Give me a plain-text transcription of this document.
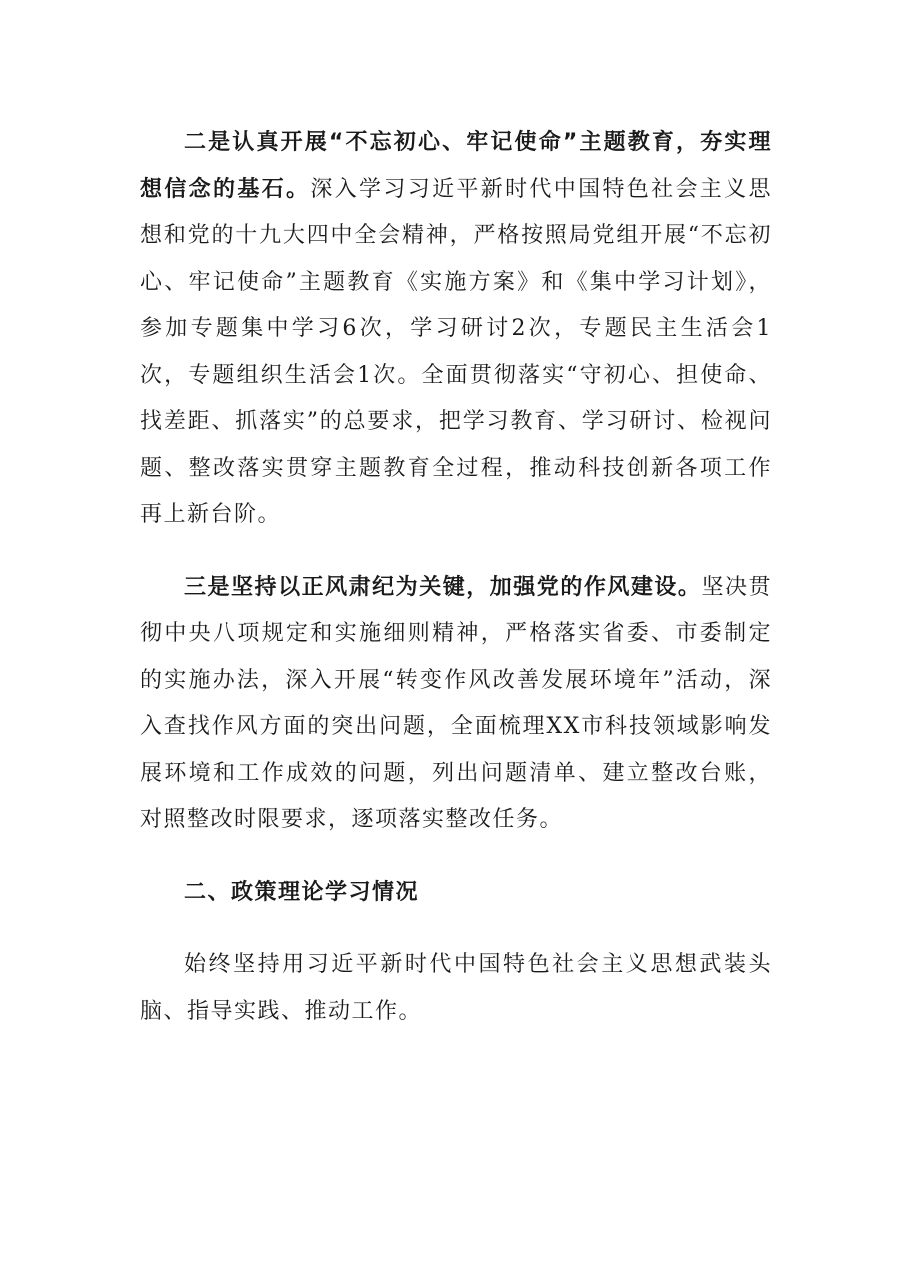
二是认真开展“不忘初心、牢记使命”主题教育，夯实理想信念的基石。深入学习习近平新时代中国特色社会主义思想和党的十九大四中全会精神，严格按照局党组开展“不忘初心、牢记使命”主题教育《实施方案》和《集中学习计划》，参加专题集中学习6次，学习研讨2次，专题民主生活会1次，专题组织生活会1次。全面贯彻落实“守初心、担使命、找差距、抓落实”的总要求，把学习教育、学习研讨、检视问题、整改落实贯穿主题教育全过程，推动科技创新各项工作再上新台阶。

三是坚持以正风肃纪为关键，加强党的作风建设。坚决贯彻中央八项规定和实施细则精神，严格落实省委、市委制定的实施办法，深入开展“转变作风改善发展环境年”活动，深入查找作风方面的突出问题，全面梳理XX市科技领域影响发展环境和工作成效的问题，列出问题清单、建立整改台账，对照整改时限要求，逐项落实整改任务。

二、政策理论学习情况

始终坚持用习近平新时代中国特色社会主义思想武装头脑、指导实践、推动工作。
